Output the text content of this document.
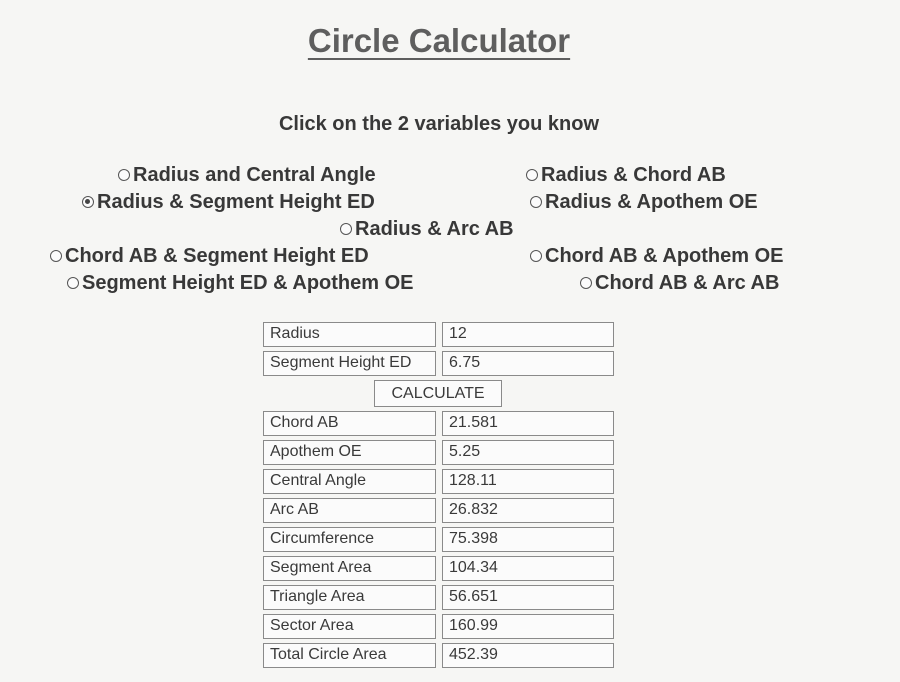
Circle Calculator
Click on the 2 variables you know
Radius and Central Angle	Radius & Chord AB
Radius & Segment Height ED	Radius & Apothem OE
Radius & Arc AB
Chord AB & Segment Height ED	Chord AB & Apothem OE
Segment Height ED & Apothem OE	Chord AB & Arc AB
Radius	12
Segment Height ED	6.75
CALCULATE
Chord AB	21.581
Apothem OE	5.25
Central Angle	128.11
Arc AB	26.832
Circumference	75.398
Segment Area	104.34
Triangle Area	56.651
Sector Area	160.99
Total Circle Area	452.39
